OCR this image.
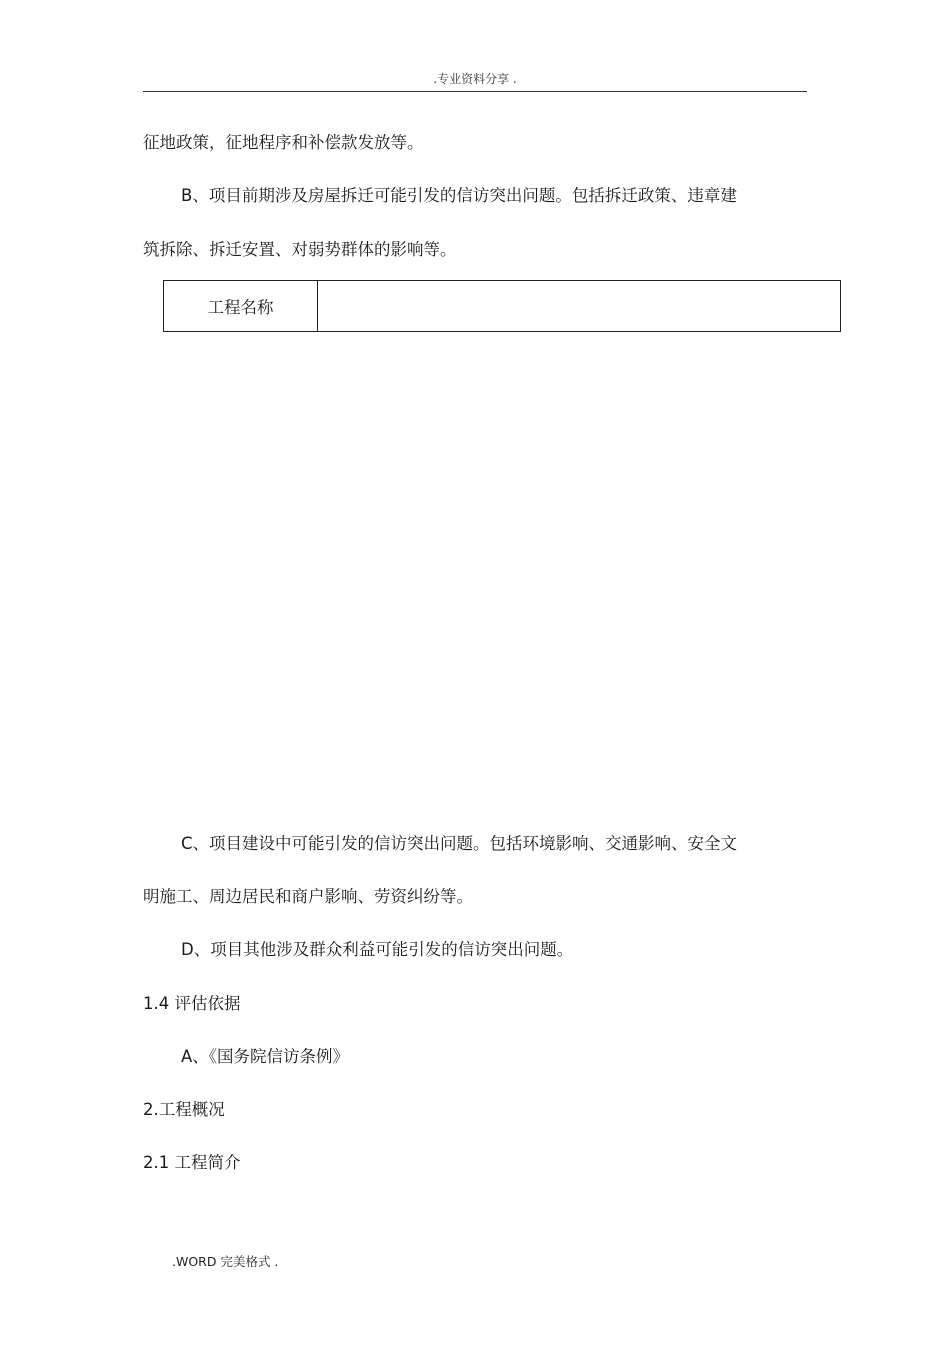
.专业资料分享 .
征地政策，征地程序和补偿款发放等。
B、项目前期涉及房屋拆迁可能引发的信访突出问题。包括拆迁政策、违章建
筑拆除、拆迁安置、对弱势群体的影响等。
工程名称	
C、项目建设中可能引发的信访突出问题。包括环境影响、交通影响、安全文
明施工、周边居民和商户影响、劳资纠纷等。
D、项目其他涉及群众利益可能引发的信访突出问题。
1.4 评估依据
A、《国务院信访条例》
2.工程概况
2.1 工程简介
.WORD 完美格式 .
